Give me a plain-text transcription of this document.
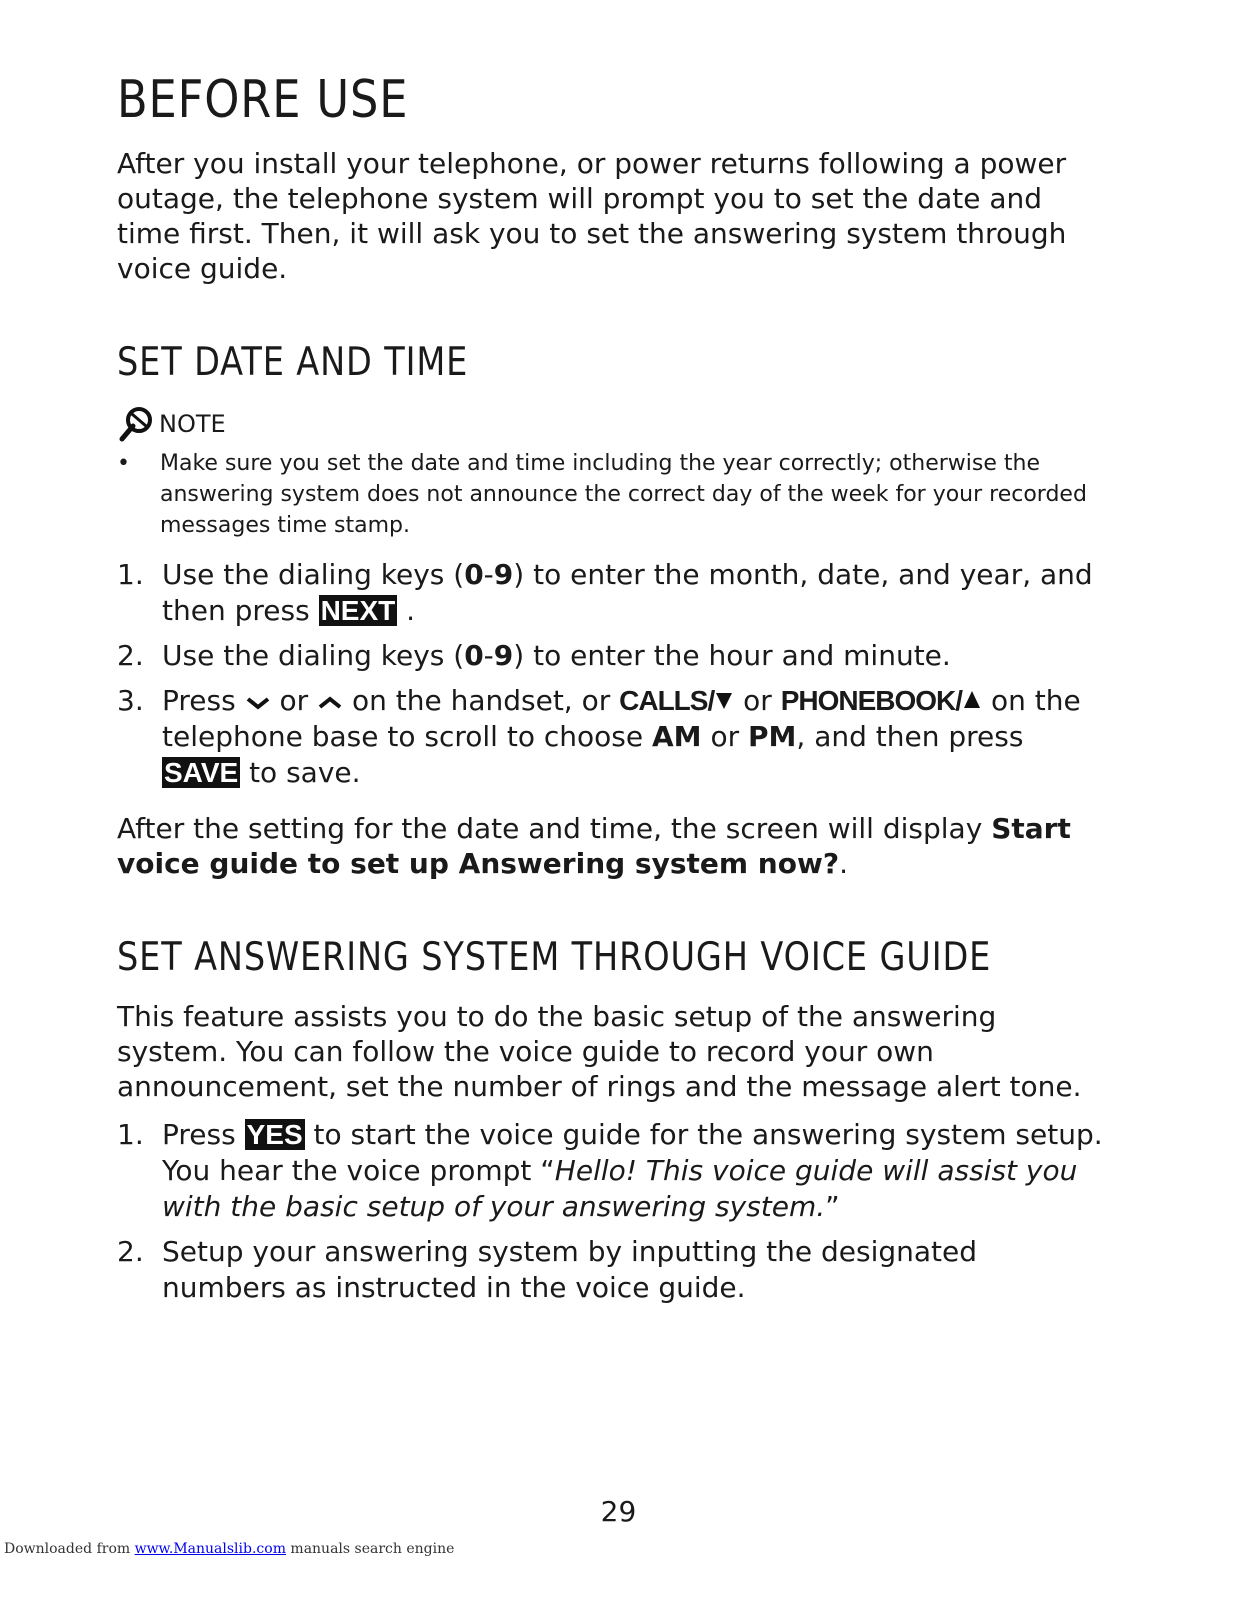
BEFORE USE

After you install your telephone, or power returns following a power outage, the telephone system will prompt you to set the date and time first. Then, it will ask you to set the answering system through voice guide.

SET DATE AND TIME
NOTE
• Make sure you set the date and time including the year correctly; otherwise the answering system does not announce the correct day of the week for your recorded messages time stamp.
1. Use the dialing keys (0-9) to enter the month, date, and year, and then press NEXT .
2. Use the dialing keys (0-9) to enter the hour and minute.
3. Press  or  on the handset, or CALLS/ or PHONEBOOK/ on the telephone base to scroll to choose AM or PM, and then press SAVE to save.

After the setting for the date and time, the screen will display Start voice guide to set up Answering system now?.

SET ANSWERING SYSTEM THROUGH VOICE GUIDE

This feature assists you to do the basic setup of the answering system. You can follow the voice guide to record your own announcement, set the number of rings and the message alert tone.

1. Press YES to start the voice guide for the answering system setup. You hear the voice prompt “Hello! This voice guide will assist you with the basic setup of your answering system.”
2. Setup your answering system by inputting the designated numbers as instructed in the voice guide.
29
Downloaded from www.Manualslib.com manuals search engine
